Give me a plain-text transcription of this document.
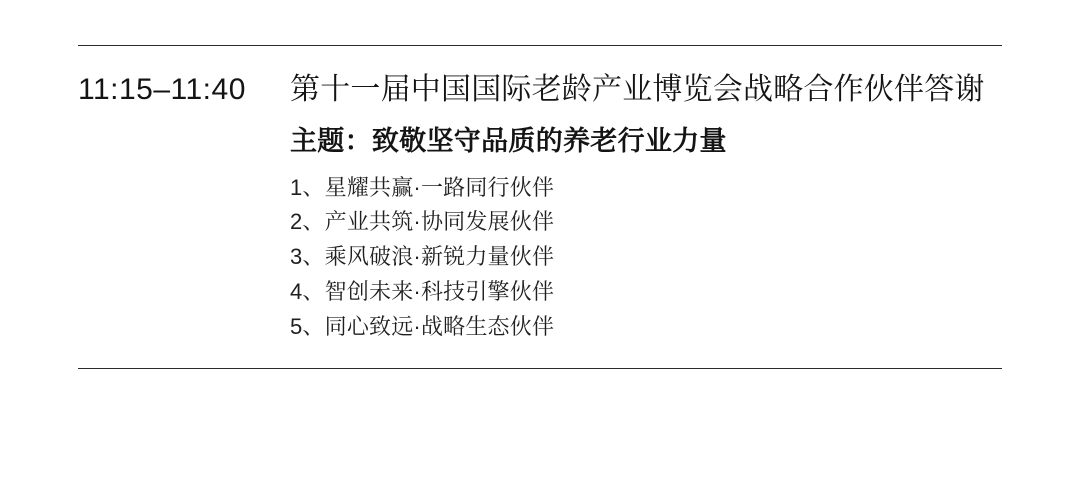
11:15–11:40	第十一届中国国际老龄产业博览会战略合作伙伴答谢
主题：致敬坚守品质的养老行业力量
1、星耀共赢·一路同行伙伴
2、产业共筑·协同发展伙伴
3、乘风破浪·新锐力量伙伴
4、智创未来·科技引擎伙伴
5、同心致远·战略生态伙伴
